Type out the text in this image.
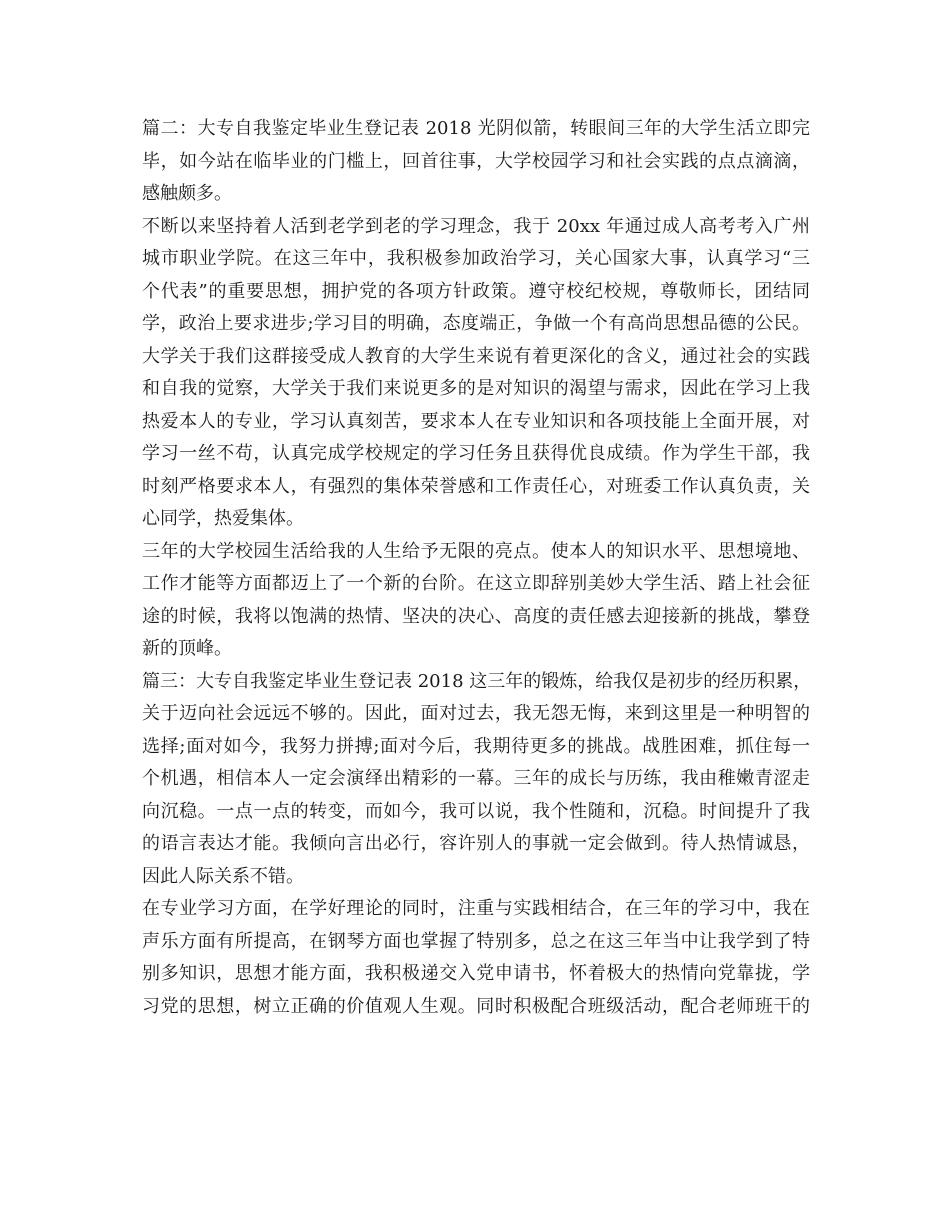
篇二：大专自我鉴定毕业生登记表 2018 光阴似箭，转眼间三年的大学生活立即完
毕，如今站在临毕业的门槛上，回首往事，大学校园学习和社会实践的点点滴滴，
感触颇多。
不断以来坚持着人活到老学到老的学习理念，我于 20xx 年通过成人高考考入广州
城市职业学院。在这三年中，我积极参加政治学习，关心国家大事，认真学习“三
个代表”的重要思想，拥护党的各项方针政策。遵守校纪校规，尊敬师长，团结同
学，政治上要求进步;学习目的明确，态度端正，争做一个有高尚思想品德的公民。
大学关于我们这群接受成人教育的大学生来说有着更深化的含义，通过社会的实践
和自我的觉察，大学关于我们来说更多的是对知识的渴望与需求，因此在学习上我
热爱本人的专业，学习认真刻苦，要求本人在专业知识和各项技能上全面开展，对
学习一丝不苟，认真完成学校规定的学习任务且获得优良成绩。作为学生干部，我
时刻严格要求本人，有强烈的集体荣誉感和工作责任心，对班委工作认真负责，关
心同学，热爱集体。
三年的大学校园生活给我的人生给予无限的亮点。使本人的知识水平、思想境地、
工作才能等方面都迈上了一个新的台阶。在这立即辞别美妙大学生活、踏上社会征
途的时候，我将以饱满的热情、坚决的决心、高度的责任感去迎接新的挑战，攀登
新的顶峰。
篇三：大专自我鉴定毕业生登记表 2018 这三年的锻炼，给我仅是初步的经历积累，
关于迈向社会远远不够的。因此，面对过去，我无怨无悔，来到这里是一种明智的
选择;面对如今，我努力拼搏;面对今后，我期待更多的挑战。战胜困难，抓住每一
个机遇，相信本人一定会演绎出精彩的一幕。三年的成长与历练，我由稚嫩青涩走
向沉稳。一点一点的转变，而如今，我可以说，我个性随和，沉稳。时间提升了我
的语言表达才能。我倾向言出必行，容许别人的事就一定会做到。待人热情诚恳，
因此人际关系不错。
在专业学习方面，在学好理论的同时，注重与实践相结合，在三年的学习中，我在
声乐方面有所提高，在钢琴方面也掌握了特别多，总之在这三年当中让我学到了特
别多知识，思想才能方面，我积极递交入党申请书，怀着极大的热情向党靠拢，学
习党的思想，树立正确的价值观人生观。同时积极配合班级活动，配合老师班干的
